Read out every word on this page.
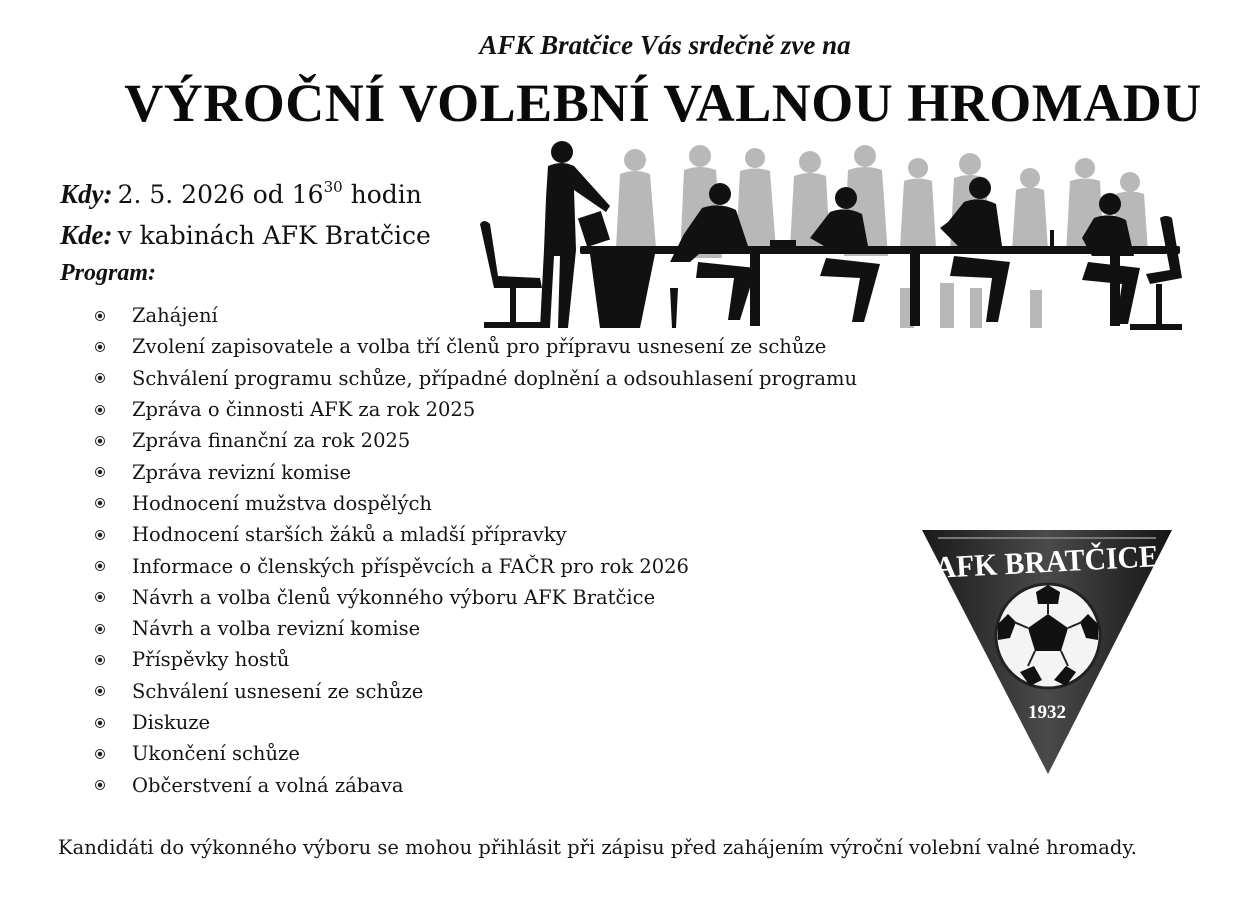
AFK Bratčice Vás srdečně zve na
VÝROČNÍ VOLEBNÍ VALNOU HROMADU
Kdy: 2. 5. 2026 od $16^{30}$ hodin
Kde: v kabinách AFK Bratčice
Program:
Zahájení
Zvolení zapisovatele a volba tří členů pro přípravu usnesení ze schůze
Schválení programu schůze, případné doplnění a odsouhlasení programu
Zpráva o činnosti AFK za rok 2025
Zpráva finanční za rok 2025
Zpráva revizní komise
Hodnocení mužstva dospělých
Hodnocení starších žáků a mladší přípravky
Informace o členských příspěvcích a FAČR pro rok 2026
Návrh a volba členů výkonného výboru AFK Bratčice
Návrh a volba revizní komise
Příspěvky hostů
Schválení usnesení ze schůze
Diskuze
Ukončení schůze
Občerstvení a volná zábava
Kandidáti do výkonného výboru se mohou přihlásit při zápisu před zahájením výroční volební valné hromady.
AFK BRATČICE
1932
